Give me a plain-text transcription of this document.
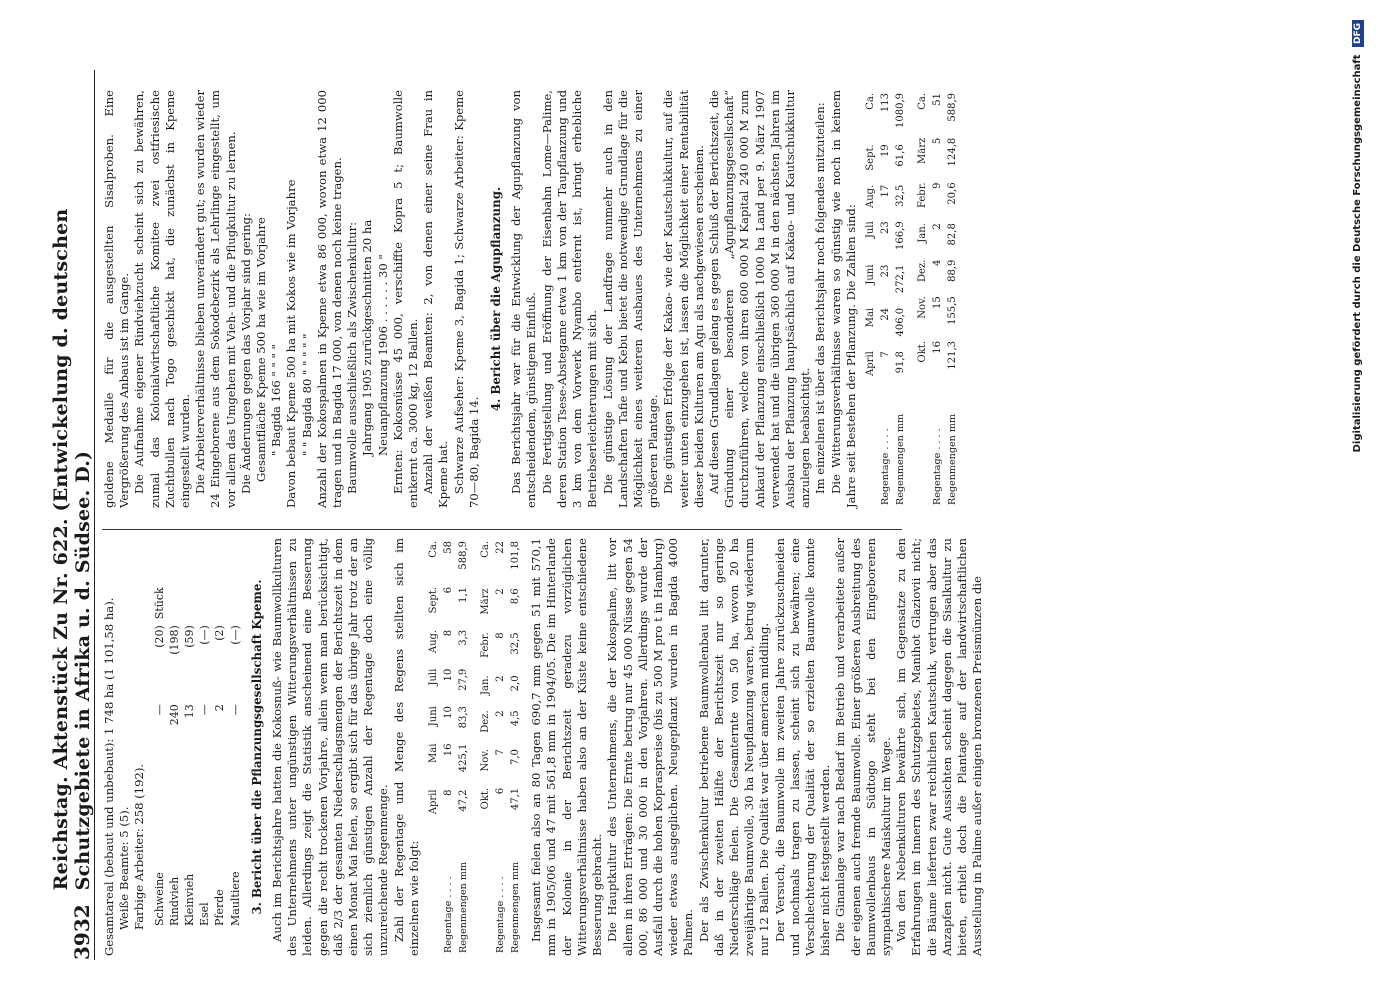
3932
Reichstag. Aktenstück Zu Nr. 622. (Entwickelung d. deutschen Schutzgebiete in Afrika u. d. Südsee. D.) Gesamtareal (bebaut und unbebaut): 1 748 ha (1 101,58 ha). Weiße Beamte: 5 (5). Farbige Arbeiter: 258 (192). Schweine	—	(20)	Stück
Rindvieh	240	(198)	
Kleinvieh	13	(59)	
Esel	—	(—)	
Pferde	2	(2)	
Maultiere	—	(—)	3. Bericht über die Pflanzungsgesellschaft Kpeme. Auch im Berichtsjahre hatten die Kokosnuß- wie Baumwollkulturen des Unternehmens unter ungünstigen Witterungsverhältnissen zu leiden. Allerdings zeigt die Statistik anscheinend eine Besserung gegen die recht trockenen Vorjahre, allein wenn man berücksichtigt, daß 2/3 der gesamten Niederschlagsmengen der Berichtszeit in dem einen Monat Mai fielen, so ergibt sich für das übrige Jahr trotz der an sich ziemlich günstigen Anzahl der Regentage doch eine völlig unzureichende Regenmenge. Zahl der Regentage und Menge des Regens stellten sich im einzelnen wie folgt:

	April	Mai	Juni	Juli	Aug.	Sept.	Ca.
Regentage . . . .	8	16	10	10	8	6	58
Regenmengen mm	47,2	425,1	83,3	27,9	3,3	1,1	588,9
	Okt.	Nov.	Dez.	Jan.	Febr.	März	Ca.
Regentage . . . .	6	7	2	2	8	2	22
Regenmengen mm	47,1	7,0	4,5	2,0	32,5	8,6	101,8 Insgesamt fielen also an 80 Tagen 690,7 mm gegen 51 mit 570,1 mm in 1905/06 und 47 mit 561,8 mm in 1904/05. Die im Hinterlande der Kolonie in der Berichtszeit geradezu vorzüglichen Witterungsverhältnisse haben also an der Küste keine entschiedene Besserung gebracht. Die Hauptkultur des Unternehmens, die der Kokospalme, litt vor allem in ihren Erträgen: Die Ernte betrug nur 45 000 Nüsse gegen 54 000, 86 000 und 30 000 in den Vorjahren. Allerdings wurde der Ausfall durch die hohen Kopraspreise (bis zu 500 M pro t in Hamburg) wieder etwas ausgeglichen. Neugepflanzt wurden in Bagida 4000 Palmen. Der als Zwischenkultur betriebene Baumwollenbau litt darunter, daß in der zweiten Hälfte der Berichtszeit nur so geringe Niederschläge fielen. Die Gesamternte von 50 ha, wovon 20 ha zweijährige Baumwolle, 30 ha Neupflanzung waren, betrug wiederum nur 12 Ballen. Die Qualität war über american middling. Der Versuch, die Baumwolle im zweiten Jahre zurückzuschneiden und nochmals tragen zu lassen, scheint sich zu bewähren; eine Verschlechterung der Qualität der so erzielten Baumwolle konnte bisher nicht festgestellt werden. Die Ginanlage war nach Bedarf im Betrieb und verarbeitete außer der eigenen auch fremde Baumwolle. Einer größeren Ausbreitung des Baumwollenbaus in Südtogo steht bei den Eingeborenen sympathischere Maiskultur im Wege. Von den Nebenkulturen bewährte sich, im Gegensatze zu den Erfahrungen im Innern des Schutzgebietes, Manihot Glaziovii nicht; die Bäume lieferten zwar reichlichen Kautschuk, vertrugen aber das Anzapfen nicht. Gute Aussichten scheint dagegen die Sisalkultur zu bieten, erhielt doch die Plantage auf der landwirtschaftlichen Ausstellung in Palime außer einigen bronzenen Preismünzen die

goldene Medaille für die ausgestellten Sisalproben. Eine Vergrößerung des Anbaus ist im Gange. Die Aufnahme eigener Rindviehzucht scheint sich zu bewähren, zumal das Kolonialwirtschaftliche Komitee zwei ostfriesische Zuchtbullen nach Togo geschickt hat, die zunächst in Kpeme eingestellt wurden. Die Arbeiterverhältnisse blieben unverändert gut; es wurden wieder 24 Eingeborene aus dem Sokodebezirk als Lehrlinge eingestellt, um vor allem das Umgehen mit Vieh- und die Pflugkultur zu lernen. Die Änderungen gegen das Vorjahr sind gering: Gesamtfläche Kpeme 500 ha wie im Vorjahre " Bagida 166 " " " " Davon bebaut Kpeme 500 ha mit Kokos wie im Vorjahre " " Bagida 80 " " " " " Anzahl der Kokospalmen in Kpeme etwa 86 000, wovon etwa 12 000 tragen und in Bagida 17 000, von denen noch keine tragen. Baumwolle ausschließlich als Zwischenkultur: Jahrgang 1905 zurückgeschnitten 20 ha Neuanpflanzung 1906 . . . . . . 30 " Ernten: Kokosnüsse 45 000, verschiffte Kopra 5 t; Baumwolle entkernt ca. 3000 kg, 12 Ballen. Anzahl der weißen Beamten: 2, von denen einer seine Frau in Kpeme hat. Schwarze Aufseher: Kpeme 3, Bagida 1; Schwarze Arbeiter: Kpeme 70—80, Bagida 14.

4. Bericht über die Agupflanzung. Das Berichtsjahr war für die Entwicklung der Agupflanzung von entscheidendem, günstigem Einfluß. Die Fertigstellung und Eröffnung der Eisenbahn Lome—Palime, deren Station Tsese-Abstegame etwa 1 km von der Taupflanzung und 3 km von dem Vorwerk Nyambo entfernt ist, bringt erhebliche Betriebserleichterungen mit sich. Die günstige Lösung der Landfrage nunmehr auch in den Landschaften Tafie und Kebu bietet die notwendige Grundlage für die Möglichkeit eines weiteren Ausbaues des Unternehmens zu einer größeren Plantage. Die günstigen Erfolge der Kakao- wie der Kautschukkultur, auf die weiter unten einzugehen ist, lassen die Möglichkeit einer Rentabilität dieser beiden Kulturen am Agu als nachgewiesen erscheinen. Auf diesen Grundlagen gelang es gegen Schluß der Berichtszeit, die Gründung einer besonderen „Agupflanzungsgesellschaft“ durchzuführen, welche von ihren 600 000 M Kapital 240 000 M zum Ankauf der Pflanzung einschließlich 1000 ha Land per 9. März 1907 verwendet hat und die übrigen 360 000 M in den nächsten Jahren im Ausbau der Pflanzung hauptsächlich auf Kakao- und Kautschukkultur anzulegen beabsichtigt. Im einzelnen ist über das Berichtsjahr noch folgendes mitzuteilen: Die Witterungsverhältnisse waren so günstig wie noch in keinem Jahre seit Bestehen der Pflanzung. Die Zahlen sind:

	April	Mai	Juni	Juli	Aug.	Sept.	Ca.
Regentage . . . .	7	24	23	23	17	19	113
Regenmengen mm	91,8	406,0	272,1	166,9	32,5	61,6	1080,9
	Okt.	Nov.	Dez.	Jan.	Febr.	März	Ca.
Regentage . . . .	16	15	4	2	9	5	51
Regenmengen mm	121,3	155,5	88,9	82,8	20,6	124,8	588,9	Digitalisierung gefördert durch die Deutsche Forschungsgemeinschaft DFG
